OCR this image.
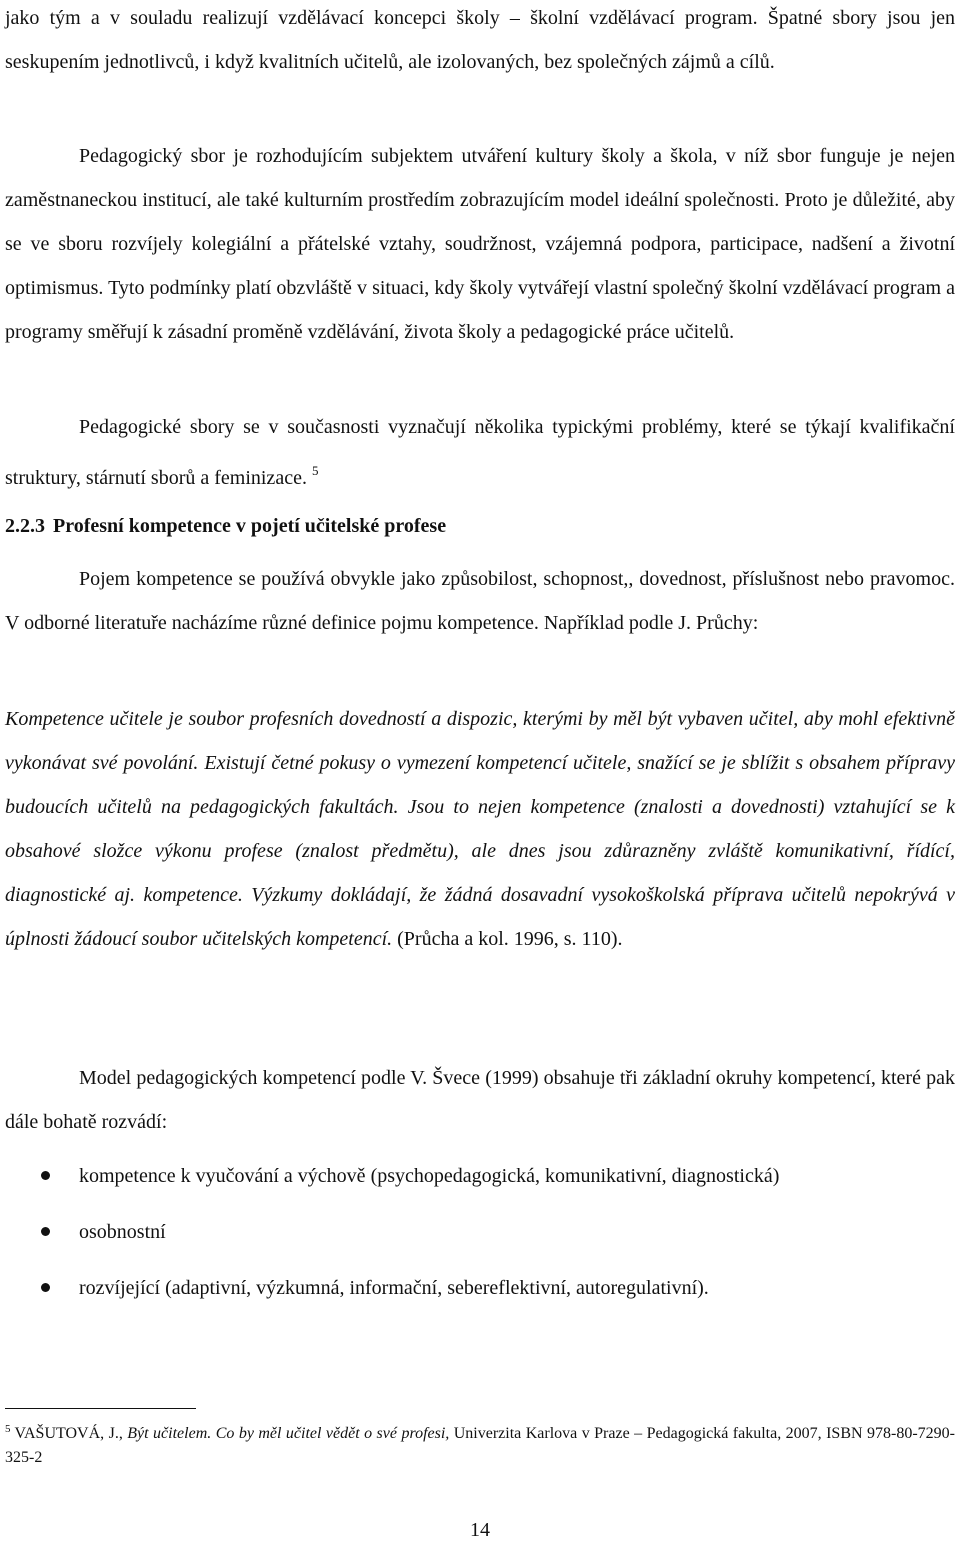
jako tým a v souladu realizují vzdělávací koncepci školy – školní vzdělávací program. Špatné sbory jsou jen seskupením jednotlivců, i když kvalitních učitelů, ale izolovaných, bez společných zájmů a cílů.

Pedagogický sbor je rozhodujícím subjektem utváření kultury školy a škola, v níž sbor funguje je nejen zaměstnaneckou institucí, ale také kulturním prostředím zobrazujícím model ideální společnosti. Proto je důležité, aby se ve sboru rozvíjely kolegiální a přátelské vztahy, soudržnost, vzájemná podpora, participace, nadšení a životní optimismus. Tyto podmínky platí obzvláště v situaci, kdy školy vytvářejí vlastní společný školní vzdělávací program a programy směřují k zásadní proměně vzdělávání, života školy a pedagogické práce učitelů.

Pedagogické sbory se v současnosti vyznačují několika typickými problémy, které se týkají kvalifikační struktury, stárnutí sborů a feminizace. $^5$

2.2.3 Profesní kompetence v pojetí učitelské profese

Pojem kompetence se používá obvykle jako způsobilost, schopnost,, dovednost, příslušnost nebo pravomoc. V odborné literatuře nacházíme různé definice pojmu kompetence. Například podle J. Průchy:

Kompetence učitele je soubor profesních dovedností a dispozic, kterými by měl být vybaven učitel, aby mohl efektivně vykonávat své povolání. Existují četné pokusy o vymezení kompetencí učitele, snažící se je sblížit s obsahem přípravy budoucích učitelů na pedagogických fakultách. Jsou to nejen kompetence (znalosti a dovednosti) vztahující se k obsahové složce výkonu profese (znalost předmětu), ale dnes jsou zdůrazněny zvláště komunikativní, řídící, diagnostické aj. kompetence. Výzkumy dokládají, že žádná dosavadní vysokoškolská příprava učitelů nepokrývá v úplnosti žádoucí soubor učitelských kompetencí. (Průcha a kol. 1996, s. 110).

Model pedagogických kompetencí podle V. Švece (1999) obsahuje tři základní okruhy kompetencí, které pak dále bohatě rozvádí:

kompetence k vyučování a výchově (psychopedagogická, komunikativní, diagnostická)
osobnostní
rozvíjející (adaptivní, výzkumná, informační, sebereflektivní, autoregulativní).

$^5$ VAŠUTOVÁ, J., Být učitelem. Co by měl učitel vědět o své profesi, Univerzita Karlova v Praze – Pedagogická fakulta, 2007, ISBN 978-80-7290-325-2

14
